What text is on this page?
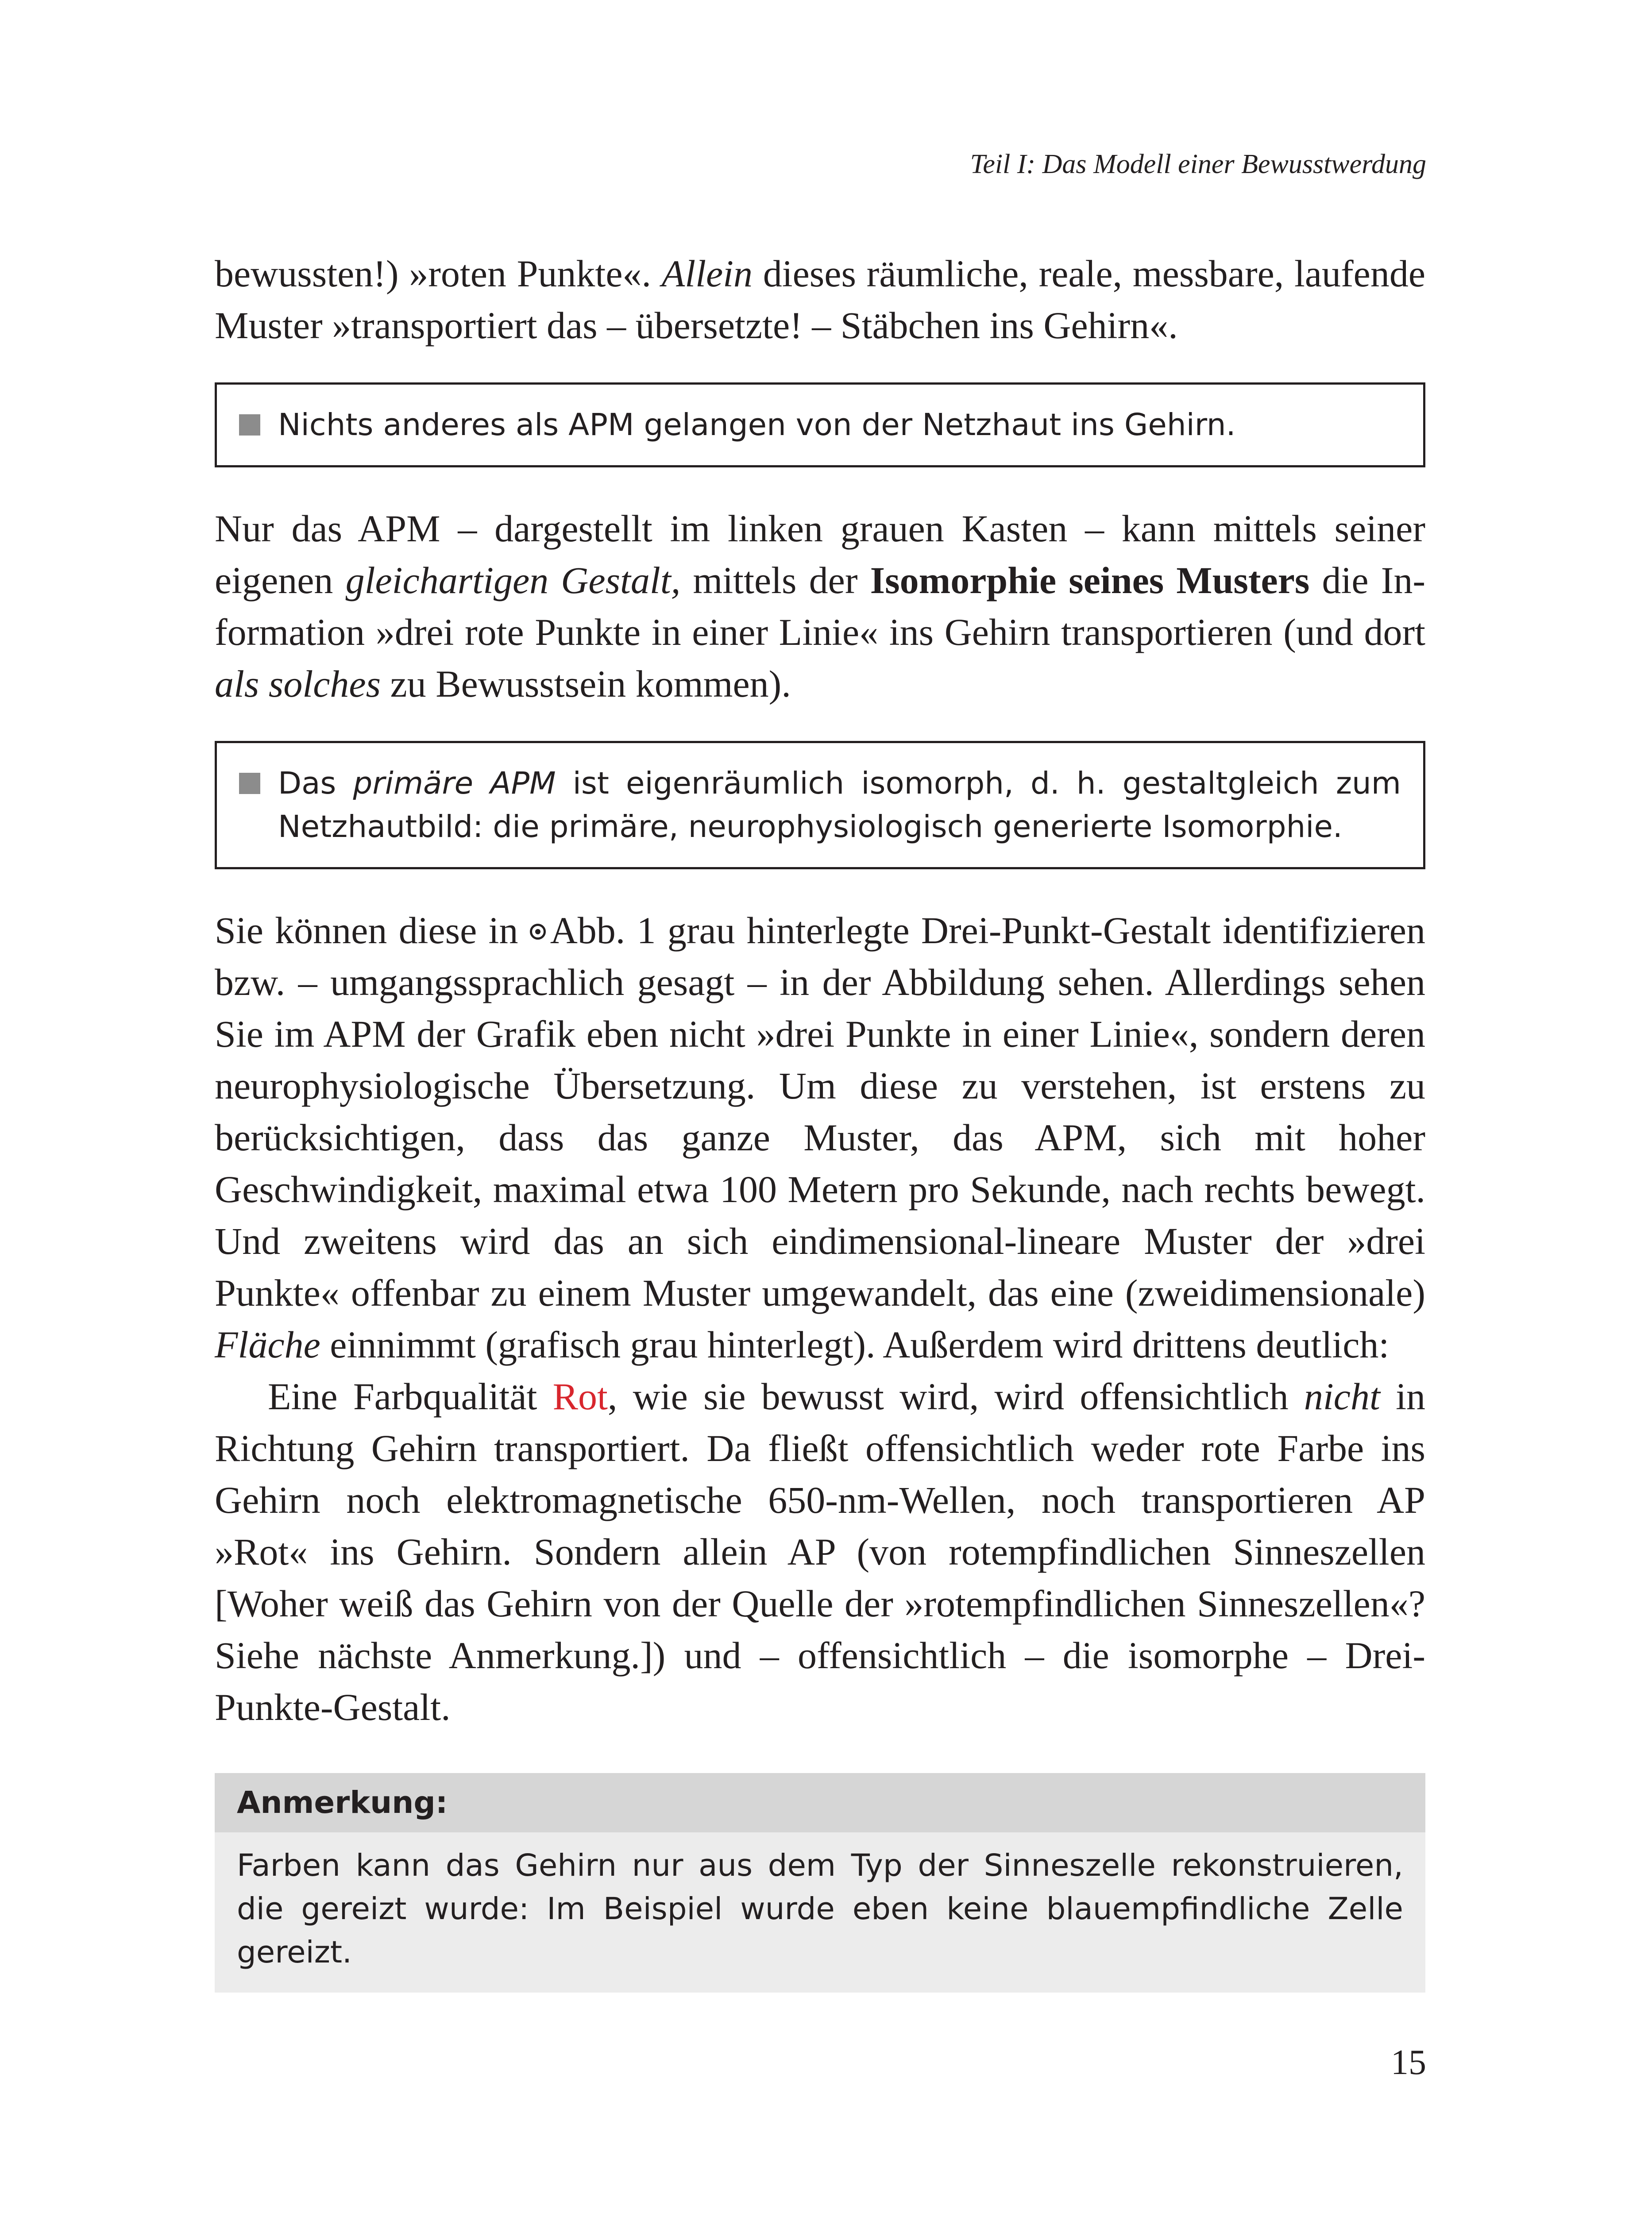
Teil I: Das Modell einer Bewusstwerdung

bewussten!) »roten Punkte«. Allein dieses räumliche, reale, messbare, laufende Muster »transportiert das – übersetzte! – Stäbchen ins Gehirn«.

Nichts anderes als APM gelangen von der Netzhaut ins Gehirn.

Nur das APM – dargestellt im linken grauen Kasten – kann mittels seiner eigenen gleichartigen Gestalt, mittels der Isomorphie seines Musters die Information »drei rote Punkte in einer Linie« ins Gehirn transportieren (und dort als solches zu Bewusstsein kommen).

Das primäre APM ist eigenräumlich isomorph, d. h. gestaltgleich zum Netzhautbild: die primäre, neurophysiologisch generierte Isomorphie.

Sie können diese in Abb. 1 grau hinterlegte Drei-Punkt-Gestalt identifizieren bzw. – umgangssprachlich gesagt – in der Abbildung sehen. Allerdings sehen Sie im APM der Grafik eben nicht »drei Punkte in einer Linie«, sondern deren neurophysiologische Übersetzung. Um diese zu verstehen, ist erstens zu berücksichtigen, dass das ganze Muster, das APM, sich mit hoher Geschwindigkeit, maximal etwa 100 Metern pro Sekunde, nach rechts bewegt. Und zweitens wird das an sich eindimensional-lineare Muster der »drei Punkte« offenbar zu einem Muster umgewandelt, das eine (zweidimensionale) Fläche einnimmt (grafisch grau hinterlegt). Außerdem wird drittens deutlich:

Eine Farbqualität Rot, wie sie bewusst wird, wird offensichtlich nicht in Richtung Gehirn transportiert. Da fließt offensichtlich weder rote Farbe ins Gehirn noch elektromagnetische 650-nm-Wellen, noch transportieren AP »Rot« ins Gehirn. Sondern allein AP (von rotempfindlichen Sinneszellen [Woher weiß das Gehirn von der Quelle der »rotempfindlichen Sinneszellen«? Siehe nächste Anmerkung.]) und – offensichtlich – die isomorphe – Drei-Punkte-Gestalt.

Anmerkung:
Farben kann das Gehirn nur aus dem Typ der Sinneszelle rekonstruieren, die gereizt wurde: Im Beispiel wurde eben keine blauempfindliche Zelle gereizt.
15
